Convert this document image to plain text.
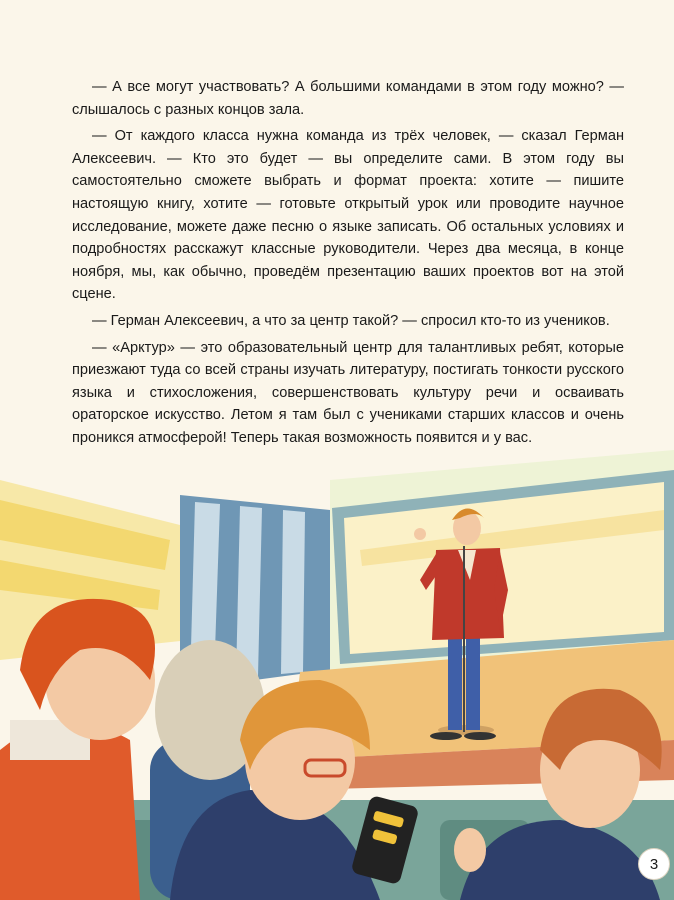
— А все могут участвовать? А большими командами в этом году можно? — слышалось с разных концов зала.

— От каждого класса нужна команда из трёх человек, — сказал Герман Алексеевич. — Кто это будет — вы определите сами. В этом году вы самостоятельно сможете выбрать и формат проекта: хотите — пишите настоящую книгу, хотите — готовьте открытый урок или проводите научное исследование, можете даже песню о языке записать. Об остальных условиях и подробностях расскажут классные руководители. Через два месяца, в конце ноября, мы, как обычно, проведём презентацию ваших проектов вот на этой сцене.

— Герман Алексеевич, а что за центр такой? — спросил кто-то из учеников.

— «Арктур» — это образовательный центр для талантливых ребят, которые приезжают туда со всей страны изучать литературу, постигать тонкости русского языка и стихосложения, совершенствовать культуру речи и осваивать ораторское искусство. Летом я там был с учениками старших классов и очень проникся атмосферой! Теперь такая возможность появится и у вас.

3
